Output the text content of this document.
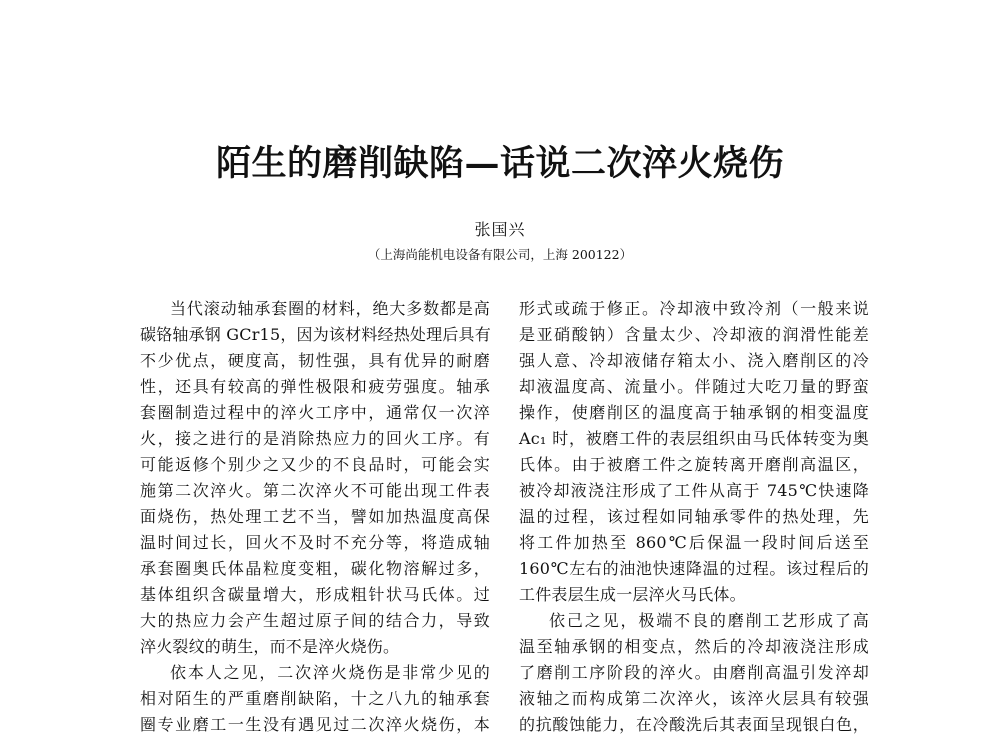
陌生的磨削缺陷—话说二次淬火烧伤
张国兴
（上海尚能机电设备有限公司，上海 200122）
当代滚动轴承套圈的材料，绝大多数都是高
碳铬轴承钢 GCr15，因为该材料经热处理后具有
不少优点，硬度高，韧性强，具有优异的耐磨
性，还具有较高的弹性极限和疲劳强度。轴承
套圈制造过程中的淬火工序中，通常仅一次淬
火，接之进行的是消除热应力的回火工序。有
可能返修个别少之又少的不良品时，可能会实
施第二次淬火。第二次淬火不可能出现工件表
面烧伤，热处理工艺不当，譬如加热温度高保
温时间过长，回火不及时不充分等，将造成轴
承套圈奥氏体晶粒度变粗，碳化物溶解过多，
基体组织含碳量增大，形成粗针状马氏体。过
大的热应力会产生超过原子间的结合力，导致
淬火裂纹的萌生，而不是淬火烧伤。
依本人之见，二次淬火烧伤是非常少见的
相对陌生的严重磨削缺陷，十之八九的轴承套
圈专业磨工一生没有遇见过二次淬火烧伤，本
形式或疏于修正。冷却液中致冷剂（一般来说
是亚硝酸钠）含量太少、冷却液的润滑性能差
强人意、冷却液储存箱太小、浇入磨削区的冷
却液温度高、流量小。伴随过大吃刀量的野蛮
操作，使磨削区的温度高于轴承钢的相变温度
Ac₁ 时，被磨工件的表层组织由马氏体转变为奥
氏体。由于被磨工件之旋转离开磨削高温区，
被冷却液浇注形成了工件从高于 745℃快速降
温的过程，该过程如同轴承零件的热处理，先
将工件加热至 860℃后保温一段时间后送至
160℃左右的油池快速降温的过程。该过程后的
工件表层生成一层淬火马氏体。
依己之见，极端不良的磨削工艺形成了高
温至轴承钢的相变点，然后的冷却液浇注形成
了磨削工序阶段的淬火。由磨削高温引发淬却
液轴之而构成第二次淬火，该淬火层具有较强
的抗酸蚀能力，在冷酸洗后其表面呈现银白色，
